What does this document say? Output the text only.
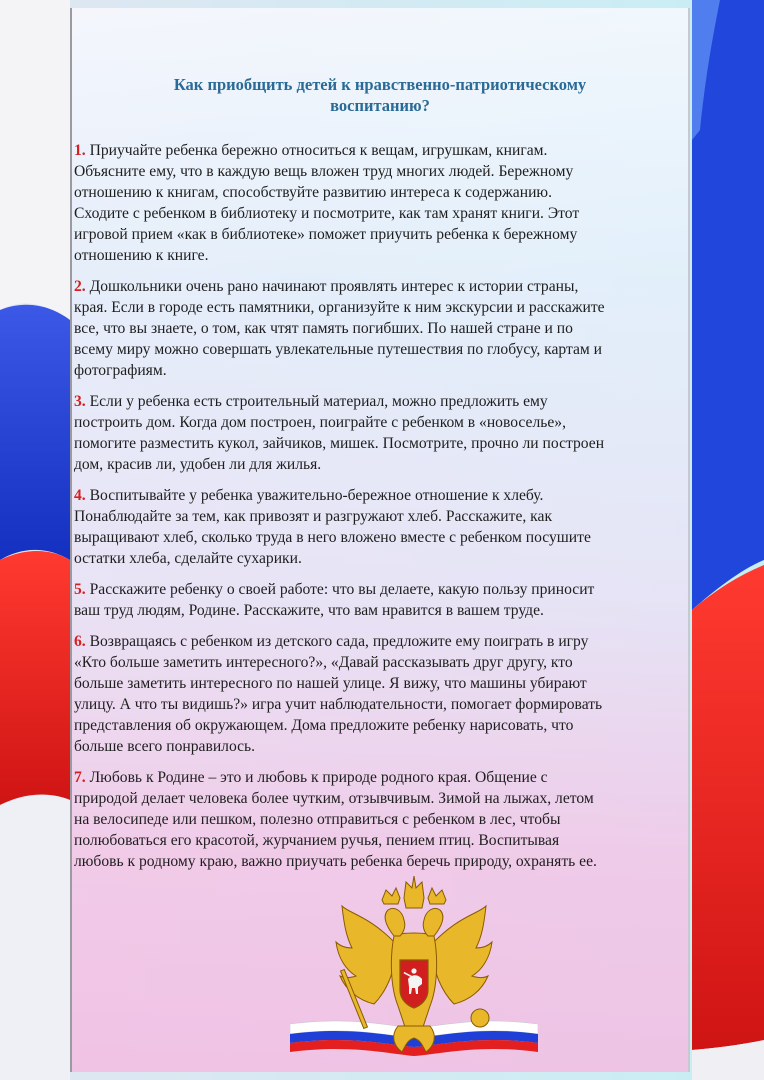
Как приобщить детей к нравственно-патриотическому
воспитанию?
1. Приучайте ребенка бережно относиться к вещам, игрушкам, книгам.
Объясните ему, что в каждую вещь вложен труд многих людей. Бережному
отношению к книгам, способствуйте развитию интереса к содержанию.
Сходите с ребенком в библиотеку и посмотрите, как там хранят книги. Этот
игровой прием «как в библиотеке» поможет приучить ребенка к бережному
отношению к книге.
2. Дошкольники очень рано начинают проявлять интерес к истории страны,
края. Если в городе есть памятники, организуйте к ним экскурсии и расскажите
все, что вы знаете, о том, как чтят память погибших. По нашей стране и по
всему миру можно совершать увлекательные путешествия по глобусу, картам и
фотографиям.
3. Если у ребенка есть строительный материал, можно предложить ему
построить дом. Когда дом построен, поиграйте с ребенком в «новоселье»,
помогите разместить кукол, зайчиков, мишек. Посмотрите, прочно ли построен
дом, красив ли, удобен ли для жилья.
4. Воспитывайте у ребенка уважительно-бережное отношение к хлебу.
Понаблюдайте за тем, как привозят и разгружают хлеб. Расскажите, как
выращивают хлеб, сколько труда в него вложено вместе с ребенком посушите
остатки хлеба, сделайте сухарики.
5. Расскажите ребенку о своей работе: что вы делаете, какую пользу приносит
ваш труд людям, Родине. Расскажите, что вам нравится в вашем труде.
6. Возвращаясь с ребенком из детского сада, предложите ему поиграть в игру
«Кто больше заметить интересного?», «Давай рассказывать друг другу, кто
больше заметить интересного по нашей улице. Я вижу, что машины убирают
улицу. А что ты видишь?» игра учит наблюдательности, помогает формировать
представления об окружающем. Дома предложите ребенку нарисовать, что
больше всего понравилось.
7. Любовь к Родине – это и любовь к природе родного края. Общение с
природой делает человека более чутким, отзывчивым. Зимой на лыжах, летом
на велосипеде или пешком, полезно отправиться с ребенком в лес, чтобы
полюбоваться его красотой, журчанием ручья, пением птиц. Воспитывая
любовь к родному краю, важно приучать ребенка беречь природу, охранять ее.
